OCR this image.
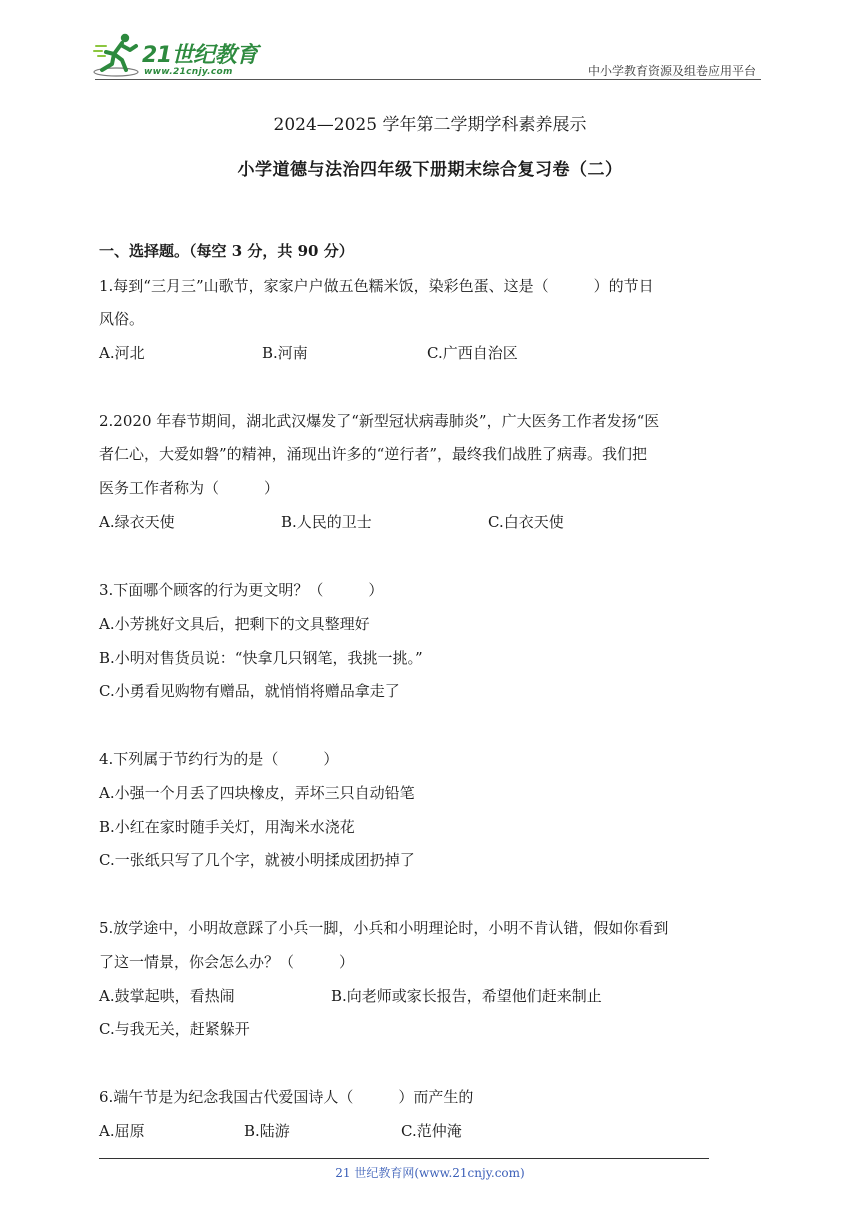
21世纪教育
www.21cnjy.com	中小学教育资源及组卷应用平台
2024—2025 学年第二学期学科素养展示
小学道德与法治四年级下册期末综合复习卷（二）
一、选择题。（每空 3 分，共 90 分）
1.每到“三月三”山歌节，家家户户做五色糯米饭，染彩色蛋、这是（　　　）的节日
风俗。
A.河北	B.河南	C.广西自治区
2.2020 年春节期间，湖北武汉爆发了“新型冠状病毒肺炎”，广大医务工作者发扬“医
者仁心，大爱如磐”的精神，涌现出许多的“逆行者”，最终我们战胜了病毒。我们把
医务工作者称为（　　　）
A.绿衣天使	B.人民的卫士	C.白衣天使
3.下面哪个顾客的行为更文明？（　　　）
A.小芳挑好文具后，把剩下的文具整理好
B.小明对售货员说：“快拿几只钢笔，我挑一挑。”
C.小勇看见购物有赠品，就悄悄将赠品拿走了
4.下列属于节约行为的是（　　　）
A.小强一个月丢了四块橡皮，弄坏三只自动铅笔
B.小红在家时随手关灯，用淘米水浇花
C.一张纸只写了几个字，就被小明揉成团扔掉了
5.放学途中，小明故意踩了小兵一脚，小兵和小明理论时，小明不肯认错，假如你看到
了这一情景，你会怎么办？（　　　）
A.鼓掌起哄，看热闹	B.向老师或家长报告，希望他们赶来制止
C.与我无关，赶紧躲开
6.端午节是为纪念我国古代爱国诗人（　　　）而产生的
A.屈原	B.陆游	C.范仲淹
21 世纪教育网(www.21cnjy.com)
